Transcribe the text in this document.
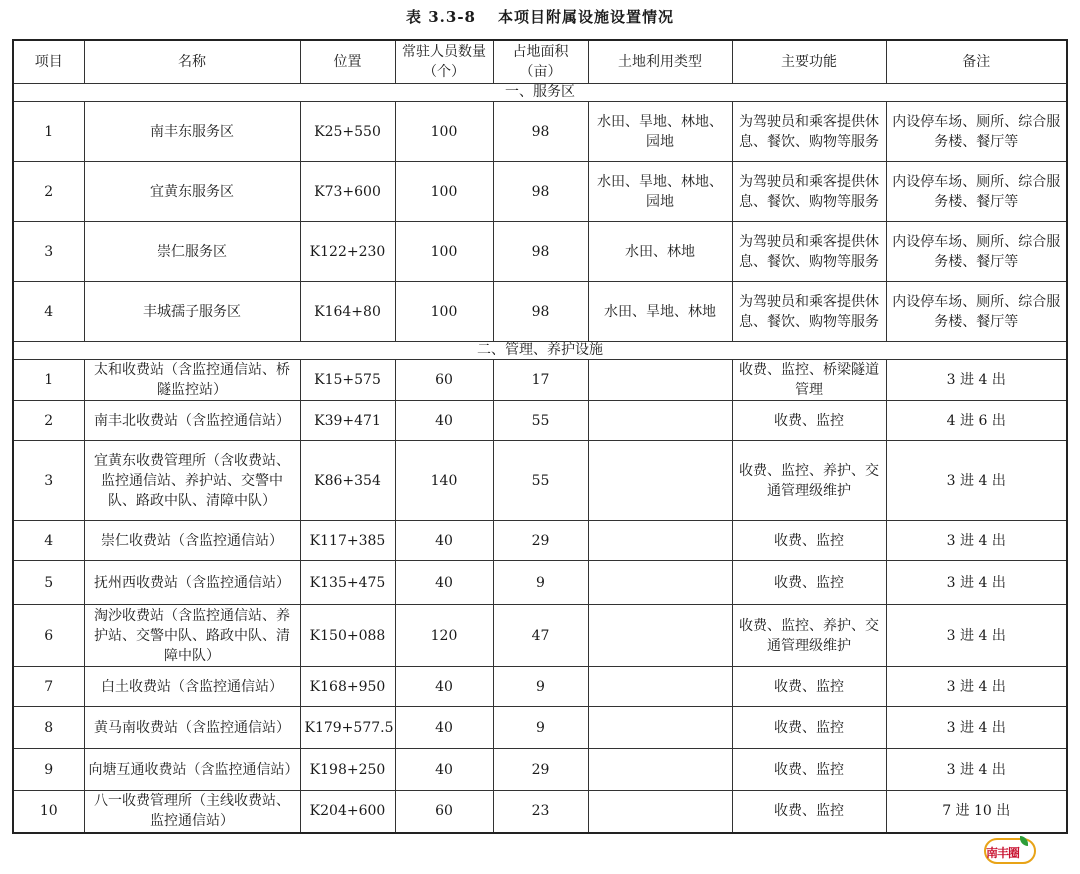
表 3.3-8 本项目附属设施设置情况
项目	名称	位置	常驻人员数量（个）	占地面积（亩）	土地利用类型	主要功能	备注
一、服务区							
1	南丰东服务区	K25+550	100	98	水田、旱地、林地、园地	为驾驶员和乘客提供休息、餐饮、购物等服务	内设停车场、厕所、综合服务楼、餐厅等
2	宜黄东服务区	K73+600	100	98	水田、旱地、林地、园地	为驾驶员和乘客提供休息、餐饮、购物等服务	内设停车场、厕所、综合服务楼、餐厅等
3	崇仁服务区	K122+230	100	98	水田、林地	为驾驶员和乘客提供休息、餐饮、购物等服务	内设停车场、厕所、综合服务楼、餐厅等
4	丰城孺子服务区	K164+80	100	98	水田、旱地、林地	为驾驶员和乘客提供休息、餐饮、购物等服务	内设停车场、厕所、综合服务楼、餐厅等
二、管理、养护设施							
1	太和收费站（含监控通信站、桥隧监控站）	K15+575	60	17		收费、监控、桥梁隧道管理	3 进 4 出
2	南丰北收费站（含监控通信站）	K39+471	40	55		收费、监控	4 进 6 出
3	宜黄东收费管理所（含收费站、监控通信站、养护站、交警中队、路政中队、清障中队）	K86+354	140	55		收费、监控、养护、交通管理级维护	3 进 4 出
4	崇仁收费站（含监控通信站）	K117+385	40	29		收费、监控	3 进 4 出
5	抚州西收费站（含监控通信站）	K135+475	40	9		收费、监控	3 进 4 出
6	淘沙收费站（含监控通信站、养护站、交警中队、路政中队、清障中队）	K150+088	120	47		收费、监控、养护、交通管理级维护	3 进 4 出
7	白土收费站（含监控通信站）	K168+950	40	9		收费、监控	3 进 4 出
8	黄马南收费站（含监控通信站）	K179+577.5	40	9		收费、监控	3 进 4 出
9	向塘互通收费站（含监控通信站）	K198+250	40	29		收费、监控	3 进 4 出
10	八一收费管理所（主线收费站、监控通信站）	K204+600	60	23		收费、监控	7 进 10 出
南丰圈
